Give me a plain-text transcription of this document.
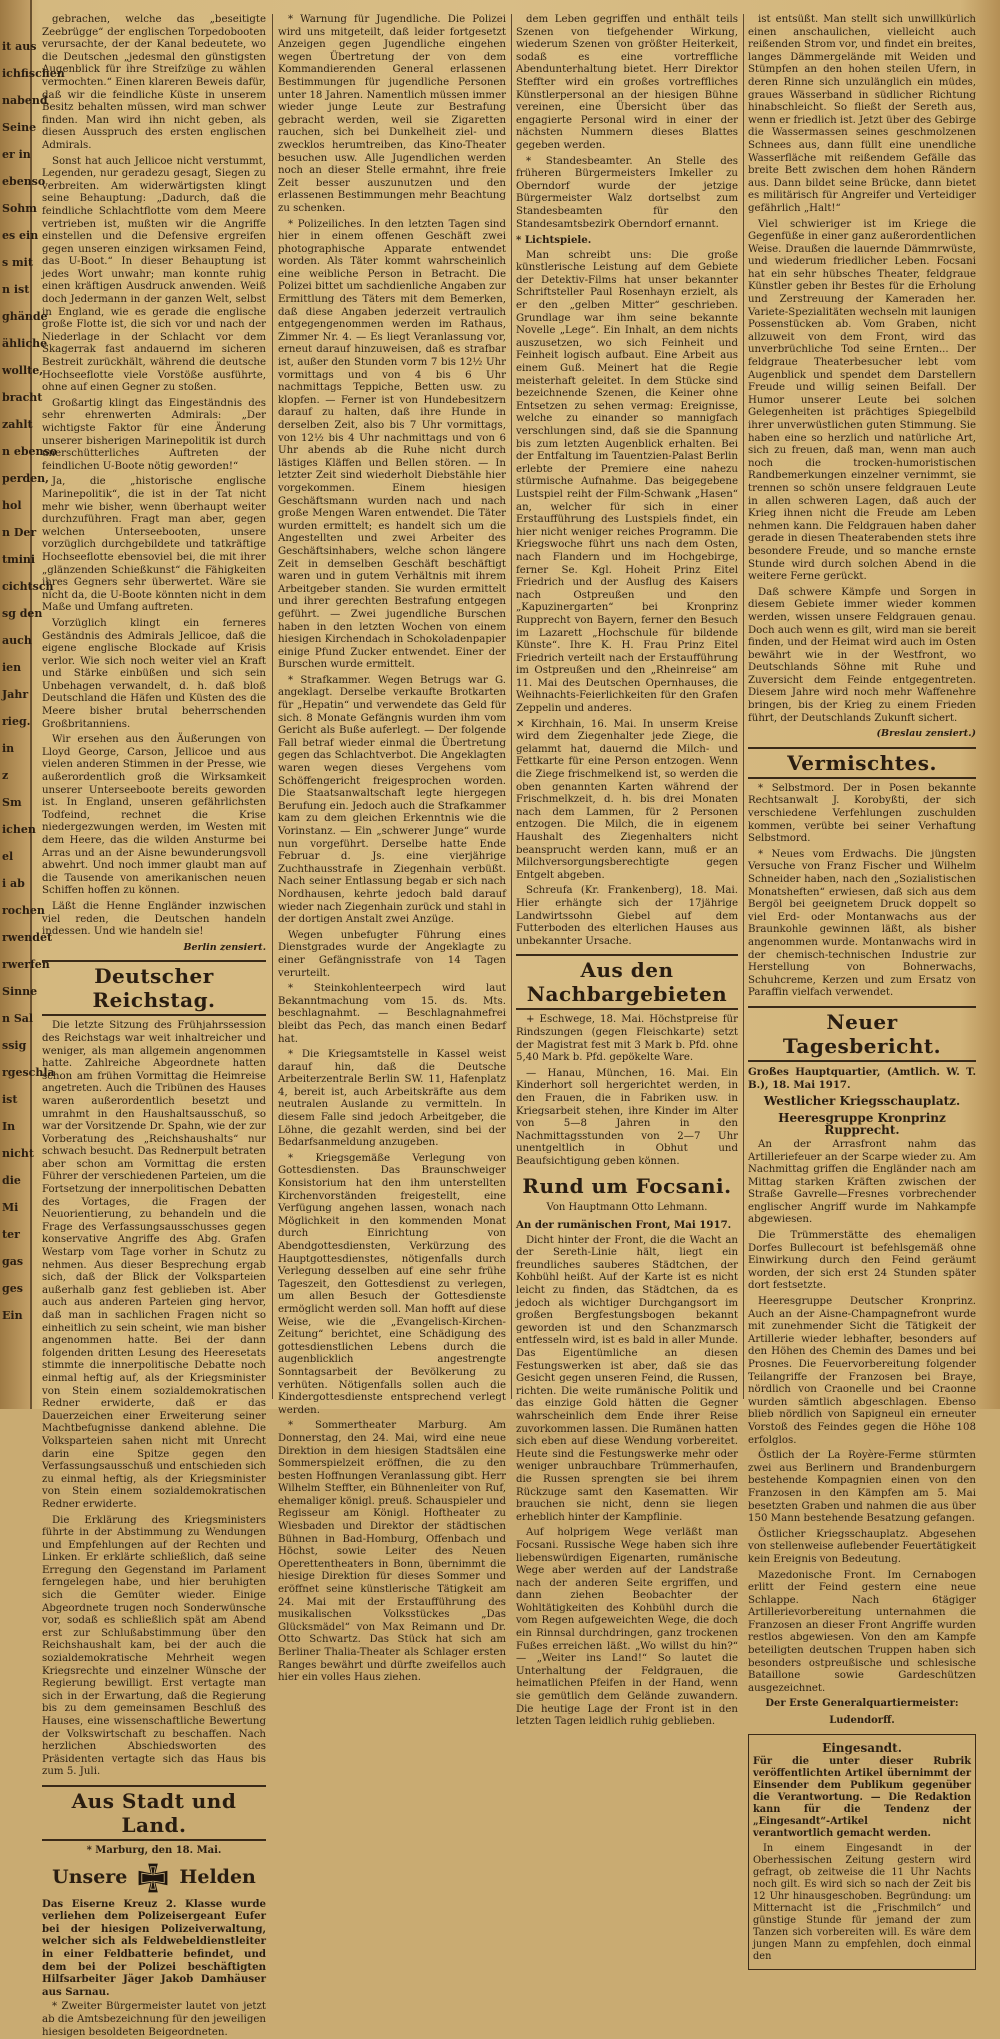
it aus
ichfischen
nabend
Seine
er in
ebenso
Sohm
es ein
s mit
n ist
ghände
ähliche
wollte,
bracht
zahlt
n ebenso
perden,
hol
n Der
tmini
cichtsch
sg den
auch
ien
Jahr
rieg.
in
z
Sm
ichen
el
i ab
rochen
rwendet
rwerfen
Sinne
n Sal
ssig
rgeschla
ist
In
nicht
die
Mi
ter
gas
ges
Ein

gebrachen, welche das „beseitigte Zeebrügge“ der englischen Torpedobooten verursachte, der der Kanal bedeutete, wo die Deutschen „jedesmal den günstigsten Augenblick für ihre Streifzüge zu wählen vermochten.“ Einen klareren Beweis dafür, daß wir die feindliche Küste in unserem Besitz behalten müssen, wird man schwer finden. Man wird ihn nicht geben, als diesen Ausspruch des ersten englischen Admirals.

Sonst hat auch Jellicoe nicht verstummt, Legenden, nur geradezu gesagt, Siegen zu verbreiten. Am widerwärtigsten klingt seine Behauptung: „Dadurch, daß die feindliche Schlachtflotte vom dem Meere vertrieben ist, mußten wir die Angriffe einstellen und die Defensive ergreifen gegen unseren einzigen wirksamen Feind, das U-Boot.“ In dieser Behauptung ist jedes Wort unwahr; man konnte ruhig einen kräftigen Ausdruck anwenden. Weiß doch Jedermann in der ganzen Welt, selbst in England, wie es gerade die englische große Flotte ist, die sich vor und nach der Niederlage in der Schlacht vor dem Skagerrak fast andauernd im sicheren Bestreit zurückhält, während die deutsche Hochseeflotte viele Vorstöße ausführte, ohne auf einen Gegner zu stoßen.

Großartig klingt das Eingeständnis des sehr ehrenwerten Admirals: „Der wichtigste Faktor für eine Änderung unserer bisherigen Marinepolitik ist durch unerschütterliches Auftreten der feindlichen U-Boote nötig geworden!“

Ja, die „historische englische Marinepolitik“, die ist in der Tat nicht mehr wie bisher, wenn überhaupt weiter durchzuführen. Fragt man aber, gegen welchen Unterseebooten, unsere vorzüglich durchgebildete und tatkräftige Hochseeflotte ebensoviel bei, die mit ihrer „glänzenden Schießkunst“ die Fähigkeiten ihres Gegners sehr überwertet. Wäre sie nicht da, die U-Boote könnten nicht in dem Maße und Umfang auftreten.

Vorzüglich klingt ein ferneres Geständnis des Admirals Jellicoe, daß die eigene englische Blockade auf Krisis verlor. Wie sich noch weiter viel an Kraft und Stärke einbüßen und sich sein Unbehagen verwandelt, d. h. daß bloß Deutschland die Häfen und Küsten des die Meere bisher brutal beherrschenden Großbritanniens.

Wir ersehen aus den Äußerungen von Lloyd George, Carson, Jellicoe und aus vielen anderen Stimmen in der Presse, wie außerordentlich groß die Wirksamkeit unserer Unterseeboote bereits geworden ist. In England, unseren gefährlichsten Todfeind, rechnet die Krise niedergezwungen werden, im Westen mit dem Heere, das die wilden Ansturme bei Arras und an der Aisne bewunderungsvoll abwehrt. Und noch immer glaubt man auf die Tausende von amerikanischen neuen Schiffen hoffen zu können.

Läßt die Henne Engländer inzwischen viel reden, die Deutschen handeln indessen. Und wie handeln sie!

Berlin zensiert.
Deutscher Reichstag.

Die letzte Sitzung des Frühjahrssession des Reichstags war weit inhaltreicher und weniger, als man allgemein angenommen hatte. Zahlreiche Abgeordnete hatten schon am frühen Vormittag die Heimreise angetreten. Auch die Tribünen des Hauses waren außerordentlich besetzt und umrahmt in den Haushaltsausschuß, so war der Vorsitzende Dr. Spahn, wie der zur Vorberatung des „Reichshaushalts“ nur schwach besucht. Das Rednerpult betraten aber schon am Vormittag die ersten Führer der verschiedenen Parteien, um die Fortsetzung der innerpolitischen Debatten des Vortages, die Fragen der Neuorientierung, zu behandeln und die Frage des Verfassungsausschusses gegen konservative Angriffe des Abg. Grafen Westarp vom Tage vorher in Schutz zu nehmen. Aus dieser Besprechung ergab sich, daß der Blick der Volksparteien außerhalb ganz fest geblieben ist. Aber auch aus anderen Parteien ging hervor, daß man in sachlichen Fragen nicht so einheitlich zu sein scheint, wie man bisher angenommen hatte. Bei der dann folgenden dritten Lesung des Heeresetats stimmte die innerpolitische Debatte noch einmal heftig auf, als der Kriegsminister von Stein einem sozialdemokratischen Redner erwiderte, daß er das Dauerzeichen einer Erweiterung seiner Machtbefugnisse dankend ablehne. Die Volksparteien sahen nicht mit Unrecht darin eine Spitze gegen den Verfassungsausschuß und entschieden sich zu einmal heftig, als der Kriegsminister von Stein einem sozialdemokratischen Redner erwiderte.

Die Erklärung des Kriegsministers führte in der Abstimmung zu Wendungen und Empfehlungen auf der Rechten und Linken. Er erklärte schließlich, daß seine Erregung den Gegenstand im Parlament ferngelegen habe, und hier beruhigten sich die Gemüter wieder. Einige Abgeordnete trugen noch Sonderwünsche vor, sodaß es schließlich spät am Abend erst zur Schlußabstimmung über den Reichshaushalt kam, bei der auch die sozialdemokratische Mehrheit wegen Kriegsrechte und einzelner Wünsche der Regierung bewilligt. Erst vertagte man sich in der Erwartung, daß die Regierung bis zu dem gemeinsamen Beschluß des Hauses, eine wissenschaftliche Bewertung der Volkswirtschaft zu beschaffen. Nach herzlichen Abschiedsworten des Präsidenten vertagte sich das Haus bis zum 5. Juli.

Aus Stadt und Land.
* Marburg, den 18. Mai.
Unsere	Helden

Das Eiserne Kreuz 2. Klasse wurde verliehen dem Polizeisergeant Eufer bei der hiesigen Polizeiverwaltung, welcher sich als Feldwebeldienstleiter in einer Feldbatterie befindet, und dem bei der Polizei beschäftigten Hilfsarbeiter Jäger Jakob Damhäuser aus Sarnau.

* Zweiter Bürgermeister lautet von jetzt ab die Amtsbezeichnung für den jeweiligen hiesigen besoldeten Beigeordneten.

* Warnung für Jugendliche. Die Polizei wird uns mitgeteilt, daß leider fortgesetzt Anzeigen gegen Jugendliche eingehen wegen Übertretung der von dem Kommandierenden General erlassenen Bestimmungen für jugendliche Personen unter 18 Jahren. Namentlich müssen immer wieder junge Leute zur Bestrafung gebracht werden, weil sie Zigaretten rauchen, sich bei Dunkelheit ziel- und zwecklos herumtreiben, das Kino-Theater besuchen usw. Alle Jugendlichen werden noch an dieser Stelle ermahnt, ihre freie Zeit besser auszunutzen und den erlassenen Bestimmungen mehr Beachtung zu schenken.

* Polizeiliches. In den letzten Tagen sind hier in einem offenen Geschäft zwei photographische Apparate entwendet worden. Als Täter kommt wahrscheinlich eine weibliche Person in Betracht. Die Polizei bittet um sachdienliche Angaben zur Ermittlung des Täters mit dem Bemerken, daß diese Angaben jederzeit vertraulich entgegengenommen werden im Rathaus, Zimmer Nr. 4. — Es liegt Veranlassung vor, erneut darauf hinzuweisen, daß es strafbar ist, außer den Stunden vorm 7 bis 12½ Uhr vormittags und von 4 bis 6 Uhr nachmittags Teppiche, Betten usw. zu klopfen. — Ferner ist von Hundebesitzern darauf zu halten, daß ihre Hunde in derselben Zeit, also bis 7 Uhr vormittags, von 12½ bis 4 Uhr nachmittags und von 6 Uhr abends ab die Ruhe nicht durch lästiges Kläffen und Bellen stören. — In letzter Zeit sind wiederholt Diebstähle hier vorgekommen. Einem hiesigen Geschäftsmann wurden nach und nach große Mengen Waren entwendet. Die Täter wurden ermittelt; es handelt sich um die Angestellten und zwei Arbeiter des Geschäftsinhabers, welche schon längere Zeit in demselben Geschäft beschäftigt waren und in gutem Verhältnis mit ihrem Arbeitgeber standen. Sie wurden ermittelt und ihrer gerechten Bestrafung entgegen geführt. — Zwei jugendliche Burschen haben in den letzten Wochen von einem hiesigen Kirchendach in Schokoladenpapier einige Pfund Zucker entwendet. Einer der Burschen wurde ermittelt.

* Strafkammer. Wegen Betrugs war G. angeklagt. Derselbe verkaufte Brotkarten für „Hepatin“ und verwendete das Geld für sich. 8 Monate Gefängnis wurden ihm vom Gericht als Buße auferlegt. — Der folgende Fall betraf wieder einmal die Übertretung gegen das Schlachtverbot. Die Angeklagten waren wegen dieses Vergehens vom Schöffengericht freigesprochen worden. Die Staatsanwaltschaft legte hiergegen Berufung ein. Jedoch auch die Strafkammer kam zu dem gleichen Erkenntnis wie die Vorinstanz. — Ein „schwerer Junge“ wurde nun vorgeführt. Derselbe hatte Ende Februar d. Js. eine vierjährige Zuchthausstrafe in Ziegenhain verbüßt. Nach seiner Entlassung begab er sich nach Nordhausen, kehrte jedoch bald darauf wieder nach Ziegenhain zurück und stahl in der dortigen Anstalt zwei Anzüge.

Wegen unbefugter Führung eines Dienstgrades wurde der Angeklagte zu einer Gefängnisstrafe von 14 Tagen verurteilt.

* Steinkohlenteerpech wird laut Bekanntmachung vom 15. ds. Mts. beschlagnahmt. — Beschlagnahmefrei bleibt das Pech, das manch einen Bedarf hat.

* Die Kriegsamtstelle in Kassel weist darauf hin, daß die Deutsche Arbeiterzentrale Berlin SW. 11, Hafenplatz 4, bereit ist, auch Arbeitskräfte aus dem neutralen Auslande zu vermitteln. In diesem Falle sind jedoch Arbeitgeber, die Löhne, die gezahlt werden, sind bei der Bedarfsanmeldung anzugeben.

* Kriegsgemäße Verlegung von Gottesdiensten. Das Braunschweiger Konsistorium hat den ihm unterstellten Kirchenvorständen freigestellt, eine Verfügung angehen lassen, wonach nach Möglichkeit in den kommenden Monat durch Einrichtung von Abendgottesdiensten, Verkürzung des Hauptgottesdienstes, nötigenfalls durch Verlegung desselben auf eine sehr frühe Tageszeit, den Gottesdienst zu verlegen, um allen Besuch der Gottesdienste ermöglicht werden soll. Man hofft auf diese Weise, wie die „Evangelisch-Kirchen-Zeitung“ berichtet, eine Schädigung des gottesdienstlichen Lebens durch die augenblicklich angestrengte Sonntagsarbeit der Bevölkerung zu verhüten. Nötigenfalls sollen auch die Kindergottesdienste entsprechend verlegt werden.

* Sommertheater Marburg. Am Donnerstag, den 24. Mai, wird eine neue Direktion in dem hiesigen Stadtsälen eine Sommerspielzeit eröffnen, die zu den besten Hoffnungen Veranlassung gibt. Herr Wilhelm Steffter, ein Bühnenleiter von Ruf, ehemaliger königl. preuß. Schauspieler und Regisseur am Königl. Hoftheater zu Wiesbaden und Direktor der städtischen Bühnen in Bad-Homburg, Offenbach und Höchst, sowie Leiter des Neuen Operettentheaters in Bonn, übernimmt die hiesige Direktion für dieses Sommer und eröffnet seine künstlerische Tätigkeit am 24. Mai mit der Erstaufführung des musikalischen Volksstückes „Das Glücksmädel“ von Max Reimann und Dr. Otto Schwartz. Das Stück hat sich am Berliner Thalia-Theater als Schlager ersten Ranges bewährt und dürfte zweifellos auch hier ein volles Haus ziehen.

dem Leben gegriffen und enthält teils Szenen von tiefgehender Wirkung, wiederum Szenen von größter Heiterkeit, sodaß es eine vortreffliche Abendunterhaltung bietet. Herr Direktor Steffter wird ein großes vortreffliches Künstlerpersonal an der hiesigen Bühne vereinen, eine Übersicht über das engagierte Personal wird in einer der nächsten Nummern dieses Blattes gegeben werden.

* Standesbeamter. An Stelle des früheren Bürgermeisters Imkeller zu Oberndorf wurde der jetzige Bürgermeister Walz dortselbst zum Standesbeamten für den Standesamtsbezirk Oberndorf ernannt.

* Lichtspiele.

Man schreibt uns: Die große künstlerische Leistung auf dem Gebiete der Detektiv-Films hat unser bekannter Schriftsteller Paul Rosenhayn erzielt, als er den „gelben Mitter“ geschrieben. Grundlage war ihm seine bekannte Novelle „Lege“. Ein Inhalt, an dem nichts auszusetzen, wo sich Feinheit und Feinheit logisch aufbaut. Eine Arbeit aus einem Guß. Meinert hat die Regie meisterhaft geleitet. In dem Stücke sind bezeichnende Szenen, die Keiner ohne Entsetzen zu sehen vermag: Ereignisse, welche zu einander so mannigfach verschlungen sind, daß sie die Spannung bis zum letzten Augenblick erhalten. Bei der Entfaltung im Tauentzien-Palast Berlin erlebte der Premiere eine nahezu stürmische Aufnahme. Das beigegebene Lustspiel reiht der Film-Schwank „Hasen“ an, welcher für sich in einer Erstaufführung des Lustspiels findet, ein hier nicht weniger reiches Programm. Die Kriegswoche führt uns nach dem Osten, nach Flandern und im Hochgebirge, ferner Se. Kgl. Hoheit Prinz Eitel Friedrich und der Ausflug des Kaisers nach Ostpreußen und den „Kapuzinergarten“ bei Kronprinz Rupprecht von Bayern, ferner den Besuch im Lazarett „Hochschule für bildende Künste“. Ihre K. H. Frau Prinz Eitel Friedrich verteilt nach der Erstaufführung im Ostpreußen und den „Rheinreise“ am 11. Mai des Deutschen Opernhauses, die Weihnachts-Feierlichkeiten für den Grafen Zeppelin und anderes.

✕ Kirchhain, 16. Mai. In unserm Kreise wird dem Ziegenhalter jede Ziege, die gelammt hat, dauernd die Milch- und Fettkarte für eine Person entzogen. Wenn die Ziege frischmelkend ist, so werden die oben genannten Karten während der Frischmelkzeit, d. h. bis drei Monaten nach dem Lammen, für 2 Personen entzogen. Die Milch, die in eigenem Haushalt des Ziegenhalters nicht beansprucht werden kann, muß er an Milchversorgungsberechtigte gegen Entgelt abgeben.

Schreufa (Kr. Frankenberg), 18. Mai. Hier erhängte sich der 17jährige Landwirtssohn Giebel auf dem Futterboden des elterlichen Hauses aus unbekannter Ursache.

Aus den Nachbargebieten

+ Eschwege, 18. Mai. Höchstpreise für Rindszungen (gegen Fleischkarte) setzt der Magistrat fest mit 3 Mark b. Pfd. ohne 5,40 Mark b. Pfd. gepökelte Ware.

— Hanau, München, 16. Mai. Ein Kinderhort soll hergerichtet werden, in den Frauen, die in Fabriken usw. in Kriegsarbeit stehen, ihre Kinder im Alter von 5—8 Jahren in den Nachmittagsstunden von 2—7 Uhr unentgeltlich in Obhut und Beaufsichtigung geben können.

Rund um Focsani.
Von Hauptmann Otto Lehmann.

An der rumänischen Front, Mai 1917.

Dicht hinter der Front, die die Wacht an der Sereth-Linie hält, liegt ein freundliches sauberes Städtchen, der Kohbühl heißt. Auf der Karte ist es nicht leicht zu finden, das Städtchen, da es jedoch als wichtiger Durchgangsort im großen Bergfestungsbogen bekannt geworden ist und den Schanzmarsch entfesseln wird, ist es bald in aller Munde. Das Eigentümliche an diesen Festungswerken ist aber, daß sie das Gesicht gegen unseren Feind, die Russen, richten. Die weite rumänische Politik und das einzige Gold hätten die Gegner wahrscheinlich dem Ende ihrer Reise zuvorkommen lassen. Die Rumänen hatten sich eben auf diese Wendung vorbereitet. Heute sind die Festungswerke mehr oder weniger unbrauchbare Trümmerhaufen, die Russen sprengten sie bei ihrem Rückzuge samt den Kasematten. Wir brauchen sie nicht, denn sie liegen erheblich hinter der Kampflinie.

Auf holprigem Wege verläßt man Focsani. Russische Wege haben sich ihre liebenswürdigen Eigenarten, rumänische Wege aber werden auf der Landstraße nach der anderen Seite ergriffen, und dann ziehen Beobachter der Wohltätigkeiten des Kohbühl durch die vom Regen aufgeweichten Wege, die doch ein Rinnsal durchdringen, ganz trockenen Fußes erreichen läßt. „Wo willst du hin?“ — „Weiter ins Land!“ So lautet die Unterhaltung der Feldgrauen, die heimatlichen Pfeifen in der Hand, wenn sie gemütlich dem Gelände zuwandern. Die heutige Lage der Front ist in den letzten Tagen leidlich ruhig geblieben.

ist entsüßt. Man stellt sich unwillkürlich einen anschaulichen, vielleicht auch reißenden Strom vor, und findet ein breites, langes Dämmergelände mit Weiden und Stümpfen an den hohen steilen Ufern, in deren Rinne sich unzulänglich ein müdes, graues Wässerband in südlicher Richtung hinabschleicht. So fließt der Sereth aus, wenn er friedlich ist. Jetzt über des Gebirge die Wassermassen seines geschmolzenen Schnees aus, dann füllt eine unendliche Wasserfläche mit reißendem Gefälle das breite Bett zwischen dem hohen Rändern aus. Dann bildet seine Brücke, dann bietet es militärisch für Angreifer und Verteidiger gefährlich „Halt!“

Viel schwieriger ist im Kriege die Gegenfüße in einer ganz außerordentlichen Weise. Draußen die lauernde Dämmrwüste, und wiederum friedlicher Leben. Focsani hat ein sehr hübsches Theater, feldgraue Künstler geben ihr Bestes für die Erholung und Zerstreuung der Kameraden her. Variete-Spezialitäten wechseln mit launigen Possenstücken ab. Vom Graben, nicht allzuweit von dem Front, wird das unverbrüchliche Tod seine Ernten... Der feldgraue Theaterbesucher lebt vom Augenblick und spendet dem Darstellern Freude und willig seinen Beifall. Der Humor unserer Leute bei solchen Gelegenheiten ist prächtiges Spiegelbild ihrer unverwüstlichen guten Stimmung. Sie haben eine so herzlich und natürliche Art, sich zu freuen, daß man, wenn man auch noch die trocken-humoristischen Randbemerkungen einzelner vernimmt, sie trennen so schön unsere feldgrauen Leute in allen schweren Lagen, daß auch der Krieg ihnen nicht die Freude am Leben nehmen kann. Die Feldgrauen haben daher gerade in diesen Theaterabenden stets ihre besondere Freude, und so manche ernste Stunde wird durch solchen Abend in die weitere Ferne gerückt.

Daß schwere Kämpfe und Sorgen in diesem Gebiete immer wieder kommen werden, wissen unsere Feldgrauen genau. Doch auch wenn es gilt, wird man sie bereit finden, und der Heimat wird auch im Osten bewährt wie in der Westfront, wo Deutschlands Söhne mit Ruhe und Zuversicht dem Feinde entgegentreten. Diesem Jahre wird noch mehr Waffenehre bringen, bis der Krieg zu einem Frieden führt, der Deutschlands Zukunft sichert.

(Breslau zensiert.)
Vermischtes.

* Selbstmord. Der in Posen bekannte Rechtsanwalt J. Korobyßti, der sich verschiedene Verfehlungen zuschulden kommen, verübte bei seiner Verhaftung Selbstmord.

* Neues vom Erdwachs. Die jüngsten Versuche von Franz Fischer und Wilhelm Schneider haben, nach den „Sozialistischen Monatsheften“ erwiesen, daß sich aus dem Bergöl bei geeignetem Druck doppelt so viel Erd- oder Montanwachs aus der Braunkohle gewinnen läßt, als bisher angenommen wurde. Montanwachs wird in der chemisch-technischen Industrie zur Herstellung von Bohnerwachs, Schuhcreme, Kerzen und zum Ersatz von Paraffin vielfach verwendet.

Neuer Tagesbericht.

Großes Hauptquartier, (Amtlich. W. T. B.), 18. Mai 1917.

Westlicher Kriegsschauplatz.
Heeresgruppe Kronprinz Rupprecht.

An der Arrasfront nahm das Artilleriefeuer an der Scarpe wieder zu. Am Nachmittag griffen die Engländer nach am Mittag starken Kräften zwischen der Straße Gavrelle—Fresnes vorbrechender englischer Angriff wurde im Nahkampfe abgewiesen.

Die Trümmerstätte des ehemaligen Dorfes Bullecourt ist befehlsgemäß ohne Einwirkung durch den Feind geräumt worden, der sich erst 24 Stunden später dort festsetzte.

Heeresgruppe Deutscher Kronprinz. Auch an der Aisne-Champagnefront wurde mit zunehmender Sicht die Tätigkeit der Artillerie wieder lebhafter, besonders auf den Höhen des Chemin des Dames und bei Prosnes. Die Feuervorbereitung folgender Teilangriffe der Franzosen bei Braye, nördlich von Craonelle und bei Craonne wurden sämtlich abgeschlagen. Ebenso blieb nördlich von Sapigneul ein erneuter Vorstoß des Feindes gegen die Höhe 108 erfolglos.

Östlich der La Royère-Ferme stürmten zwei aus Berlinern und Brandenburgern bestehende Kompagnien einen von den Franzosen in den Kämpfen am 5. Mai besetzten Graben und nahmen die aus über 150 Mann bestehende Besatzung gefangen.

Östlicher Kriegsschauplatz. Abgesehen von stellenweise auflebender Feuertätigkeit kein Ereignis von Bedeutung.

Mazedonische Front. Im Cernabogen erlitt der Feind gestern eine neue Schlappe. Nach 6tägiger Artillerievorbereitung unternahmen die Franzosen an dieser Front Angriffe wurden restlos abgewiesen. Von den am Kampfe beteiligten deutschen Truppen haben sich besonders ostpreußische und schlesische Bataillone sowie Gardeschützen ausgezeichnet.

Der Erste Generalquartiermeister:
Ludendorff.
Eingesandt.

Für die unter dieser Rubrik veröffentlichten Artikel übernimmt der Einsender dem Publikum gegenüber die Verantwortung. — Die Redaktion kann für die Tendenz der „Eingesandt“-Artikel nicht verantwortlich gemacht werden.

In einem Eingesandt in der Oberhessischen Zeitung gestern wird gefragt, ob zeitweise die 11 Uhr Nachts noch gilt. Es wird sich so nach der Zeit bis 12 Uhr hinausgeschoben. Begründung: um Mitternacht ist die „Frischmilch“ und günstige Stunde für jemand der zum Tanzen sich vorbereiten will. Es wäre dem jungen Mann zu empfehlen, doch einmal den
